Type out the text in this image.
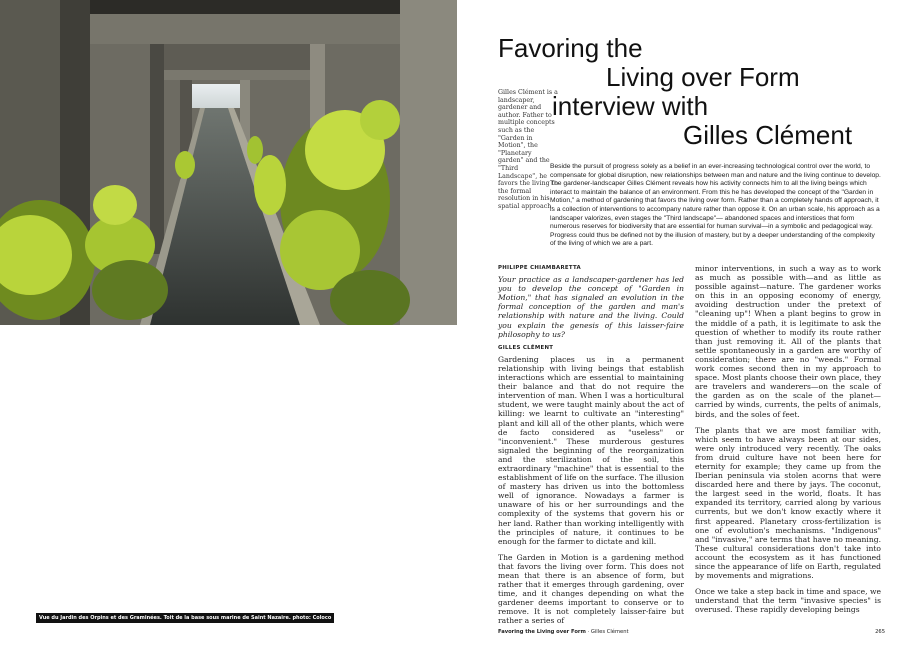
Vue du Jardin des Orpins et des Graminées. Toit de la base sous marine de Saint Nazaire. photo: Coloco
Favoring the
Living over Form
interview with
Gilles Clément
Gilles Clément is a landscaper, gardener and author. Father to multiple concepts such as the "Garden in Motion", the "Planetary garden" and the "Third Landscape", he favors the living to the formal resolution in his spatial approach.
Beside the pursuit of progress solely as a belief in an ever-increasing technological control over the world, to compensate for global disruption, new relationships between man and nature and the living continue to develop. The gardener-landscaper Gilles Clément reveals how his activity connects him to all the living beings which interact to maintain the balance of an environment. From this he has developed the concept of the "Garden in Motion," a method of gardening that favors the living over form. Rather than a completely hands off approach, it is a collection of interventions to accompany nature rather than oppose it. On an urban scale, his approach as a landscaper valorizes, even stages the "Third landscape"— abandoned spaces and interstices that form numerous reserves for biodiversity that are essential for human survival—in a symbolic and pedagogical way. Progress could thus be defined not by the illusion of mastery, but by a deeper understanding of the complexity of the living of which we are a part.
PHILIPPE CHIAMBARETTA
Your practice as a landscaper-gardener has led you to develop the concept of "Garden in Motion," that has signaled an evolution in the formal conception of the garden and man's relationship with nature and the living. Could you explain the genesis of this laisser-faire philosophy to us?
GILLES CLÉMENT
Gardening places us in a permanent relationship with living beings that establish interactions which are essential to maintaining their balance and that do not require the intervention of man. When I was a horticultural student, we were taught mainly about the act of killing: we learnt to cultivate an "interesting" plant and kill all of the other plants, which were de facto considered as "useless" or "inconvenient." These murderous gestures signaled the beginning of the reorganization and the sterilization of the soil, this extraordinary "machine" that is essential to the establishment of life on the surface. The illusion of mastery has driven us into the bottomless well of ignorance. Nowadays a farmer is unaware of his or her surroundings and the complexity of the systems that govern his or her land. Rather than working intelligently with the principles of nature, it continues to be enough for the farmer to dictate and kill.
The Garden in Motion is a gardening method that favors the living over form. This does not mean that there is an absence of form, but rather that it emerges through gardening, over time, and it changes depending on what the gardener deems important to conserve or to remove. It is not completely laisser-faire but rather a series of
minor interventions, in such a way as to work as much as possible with—and as little as possible against—nature. The gardener works on this in an opposing economy of energy, avoiding destruction under the pretext of "cleaning up"! When a plant begins to grow in the middle of a path, it is legitimate to ask the question of whether to modify its route rather than just removing it. All of the plants that settle spontaneously in a garden are worthy of consideration; there are no "weeds." Formal work comes second then in my approach to space. Most plants choose their own place, they are travelers and wanderers—on the scale of the garden as on the scale of the planet—carried by winds, currents, the pelts of animals, birds, and the soles of feet.
The plants that we are most familiar with, which seem to have always been at our sides, were only introduced very recently. The oaks from druid culture have not been here for eternity for example; they came up from the Iberian peninsula via stolen acorns that were discarded here and there by jays. The coconut, the largest seed in the world, floats. It has expanded its territory, carried along by various currents, but we don't know exactly where it first appeared. Planetary cross-fertilization is one of evolution's mechanisms. "Indigenous" and "invasive," are terms that have no meaning. These cultural considerations don't take into account the ecosystem as it has functioned since the appearance of life on Earth, regulated by movements and migrations.
Once we take a step back in time and space, we understand that the term "invasive species" is overused. These rapidly developing beings
Favoring the Living over Form · Gilles Clément	265
